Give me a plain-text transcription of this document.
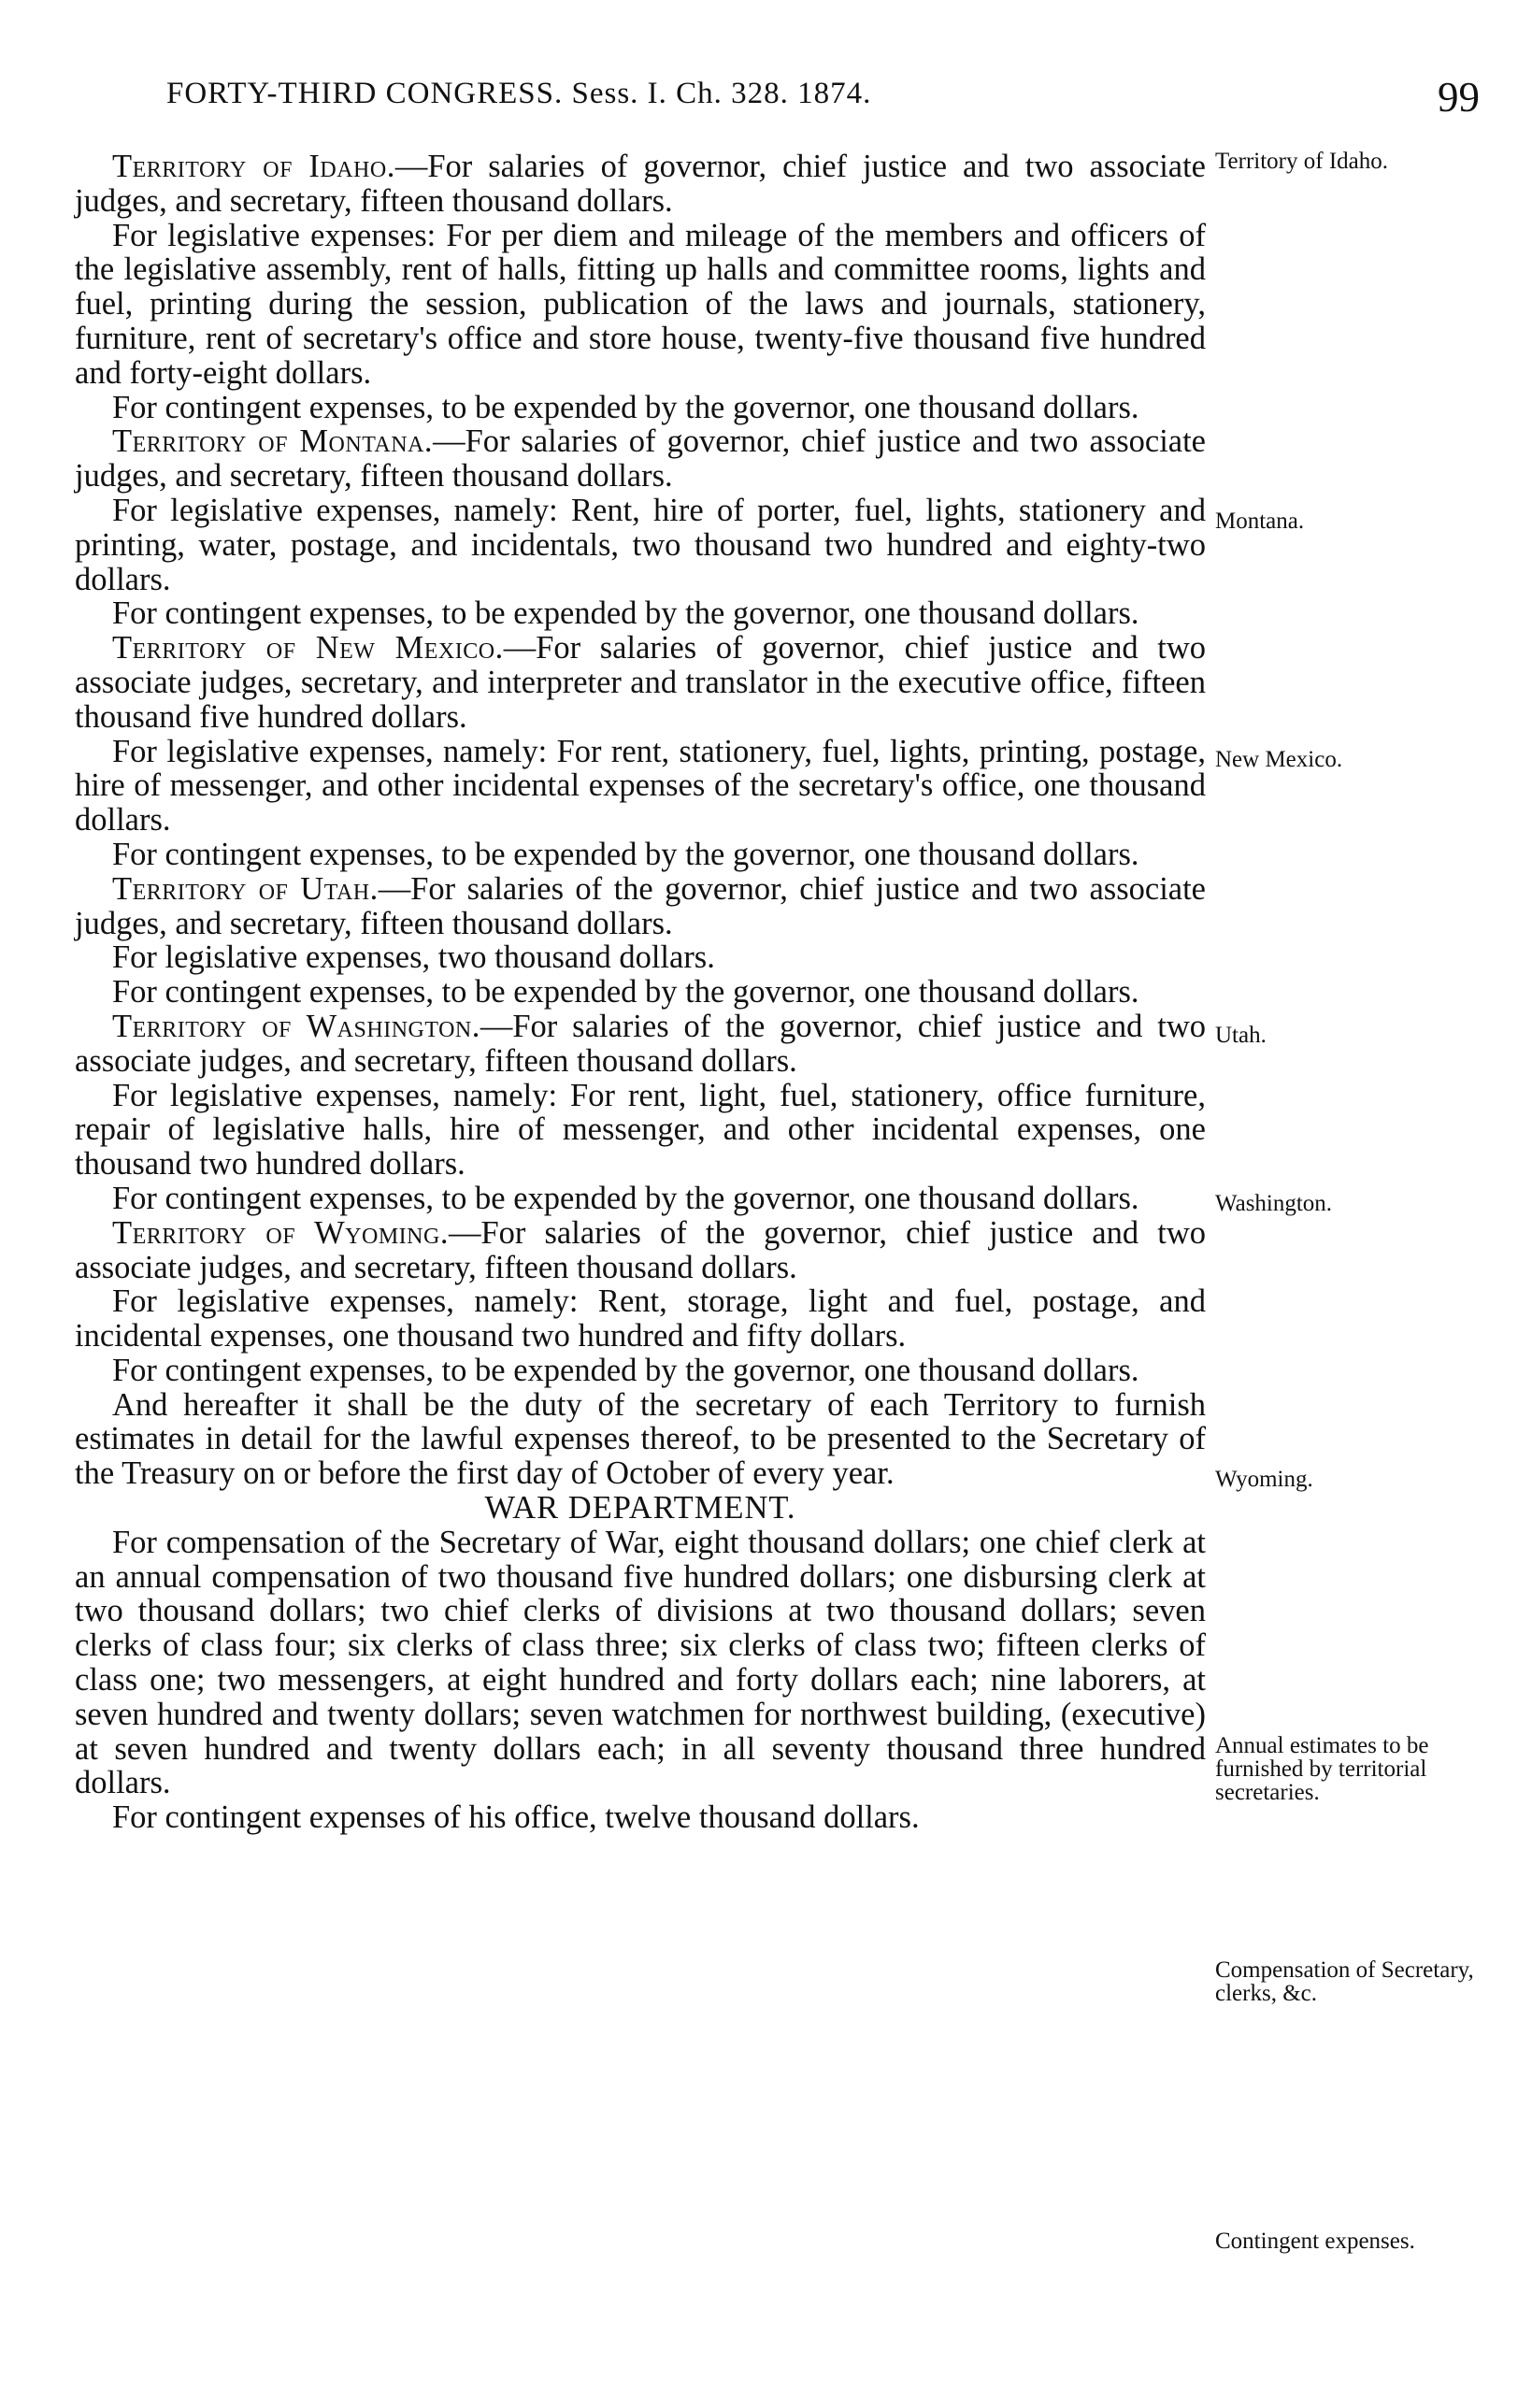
FORTY-THIRD CONGRESS. Sess. I. Ch. 328. 1874.	99

Territory of Idaho.—For salaries of governor, chief justice and two associate judges, and secretary, fifteen thousand dollars.

For legislative expenses: For per diem and mileage of the members and officers of the legislative assembly, rent of halls, fitting up halls and committee rooms, lights and fuel, printing during the session, publication of the laws and journals, stationery, furniture, rent of secretary's office and store house, twenty-five thousand five hundred and forty-eight dollars.

For contingent expenses, to be expended by the governor, one thousand dollars.

Territory of Montana.—For salaries of governor, chief justice and two associate judges, and secretary, fifteen thousand dollars.

For legislative expenses, namely: Rent, hire of porter, fuel, lights, stationery and printing, water, postage, and incidentals, two thousand two hundred and eighty-two dollars.

For contingent expenses, to be expended by the governor, one thousand dollars.

Territory of New Mexico.—For salaries of governor, chief justice and two associate judges, secretary, and interpreter and translator in the executive office, fifteen thousand five hundred dollars.

For legislative expenses, namely: For rent, stationery, fuel, lights, printing, postage, hire of messenger, and other incidental expenses of the secretary's office, one thousand dollars.

For contingent expenses, to be expended by the governor, one thousand dollars.

Territory of Utah.—For salaries of the governor, chief justice and two associate judges, and secretary, fifteen thousand dollars.

For legislative expenses, two thousand dollars.

For contingent expenses, to be expended by the governor, one thousand dollars.

Territory of Washington.—For salaries of the governor, chief justice and two associate judges, and secretary, fifteen thousand dollars.

For legislative expenses, namely: For rent, light, fuel, stationery, office furniture, repair of legislative halls, hire of messenger, and other incidental expenses, one thousand two hundred dollars.

For contingent expenses, to be expended by the governor, one thousand dollars.

Territory of Wyoming.—For salaries of the governor, chief justice and two associate judges, and secretary, fifteen thousand dollars.

For legislative expenses, namely: Rent, storage, light and fuel, postage, and incidental expenses, one thousand two hundred and fifty dollars.

For contingent expenses, to be expended by the governor, one thousand dollars.

And hereafter it shall be the duty of the secretary of each Territory to furnish estimates in detail for the lawful expenses thereof, to be presented to the Secretary of the Treasury on or before the first day of October of every year.

WAR DEPARTMENT.

For compensation of the Secretary of War, eight thousand dollars; one chief clerk at an annual compensation of two thousand five hundred dollars; one disbursing clerk at two thousand dollars; two chief clerks of divisions at two thousand dollars; seven clerks of class four; six clerks of class three; six clerks of class two; fifteen clerks of class one; two messengers, at eight hundred and forty dollars each; nine laborers, at seven hundred and twenty dollars; seven watchmen for northwest building, (executive) at seven hundred and twenty dollars each; in all seventy thousand three hundred dollars.

For contingent expenses of his office, twelve thousand dollars.

Territory of Idaho.
Montana.
New Mexico.
Utah.
Washington.
Wyoming.
Annual estimates to be furnished by territorial secretaries.
Compensation of Secretary, clerks, &c.
Contingent expenses.
